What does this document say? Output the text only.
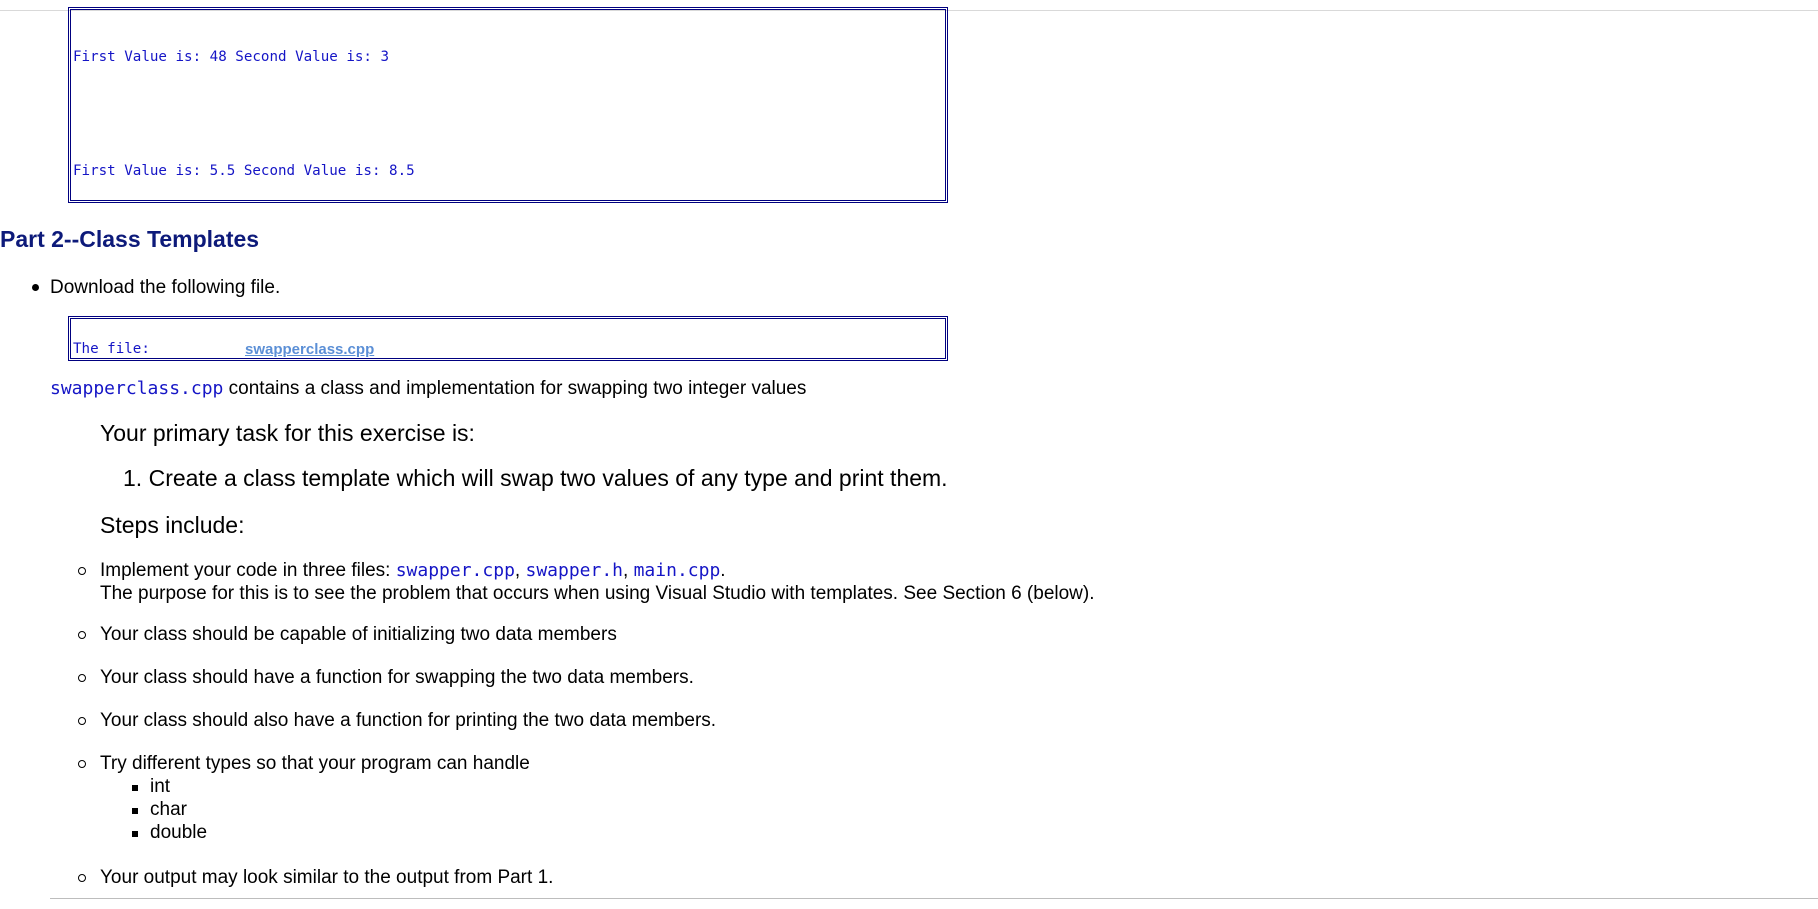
First Value is: 48 Second Value is: 3

First Value is: 5.5 Second Value is: 8.5

Part 2--Class Templates
Download the following file.

The file:

	swapperclass.cpp

swapperclass.cpp contains a class and implementation for swapping two integer values
Your primary task for this exercise is:
1. Create a class template which will swap two values of any type and print them.
Steps include:
Implement your code in three files: swapper.cpp, swapper.h, main.cpp.
The purpose for this is to see the problem that occurs when using Visual Studio with templates. See Section 6 (below).
Your class should be capable of initializing two data members
Your class should have a function for swapping the two data members.
Your class should also have a function for printing the two data members.
Try different types so that your program can handle
int
char
double
Your output may look similar to the output from Part 1.
